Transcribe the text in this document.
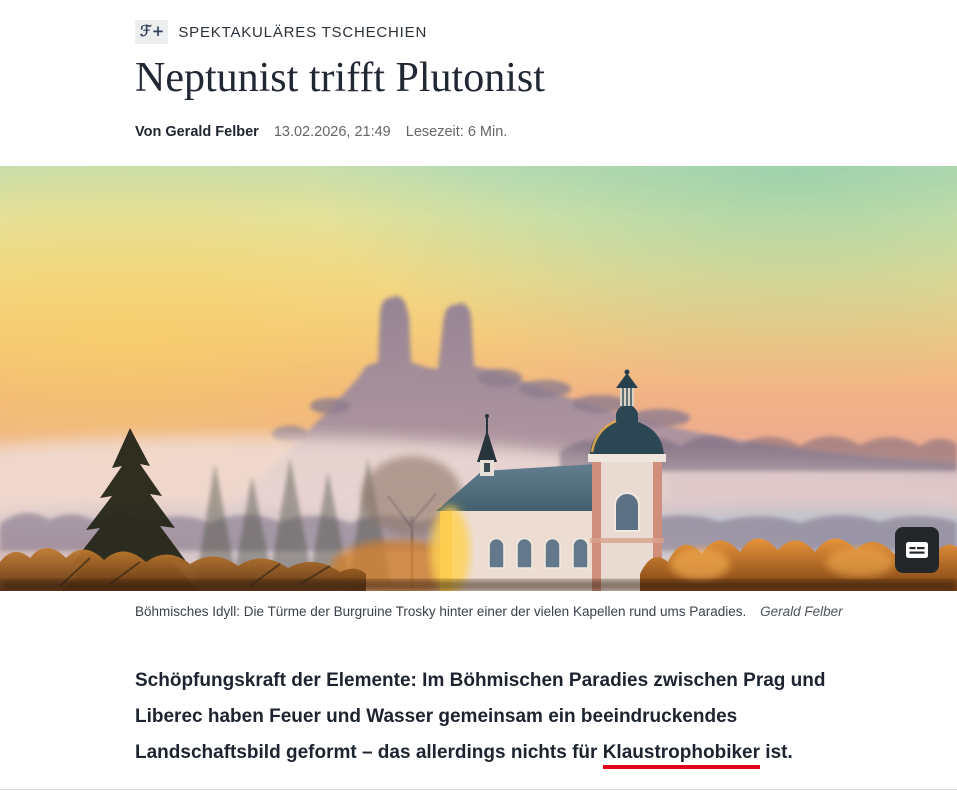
ℱ+ SPEKTAKULÄRES TSCHECHIEN
Neptunist trifft Plutonist
Von Gerald Felber 13.02.2026, 21:49 Lesezeit: 6 Min.
Böhmisches Idyll: Die Türme der Burgruine Trosky hinter einer der vielen Kapellen rund ums Paradies. Gerald Felber

Schöpfungskraft der Elemente: Im Böhmischen Paradies zwischen Prag und Liberec haben Feuer und Wasser gemeinsam ein beeindruckendes Landschaftsbild geformt – das allerdings nichts für Klaustrophobiker ist.
